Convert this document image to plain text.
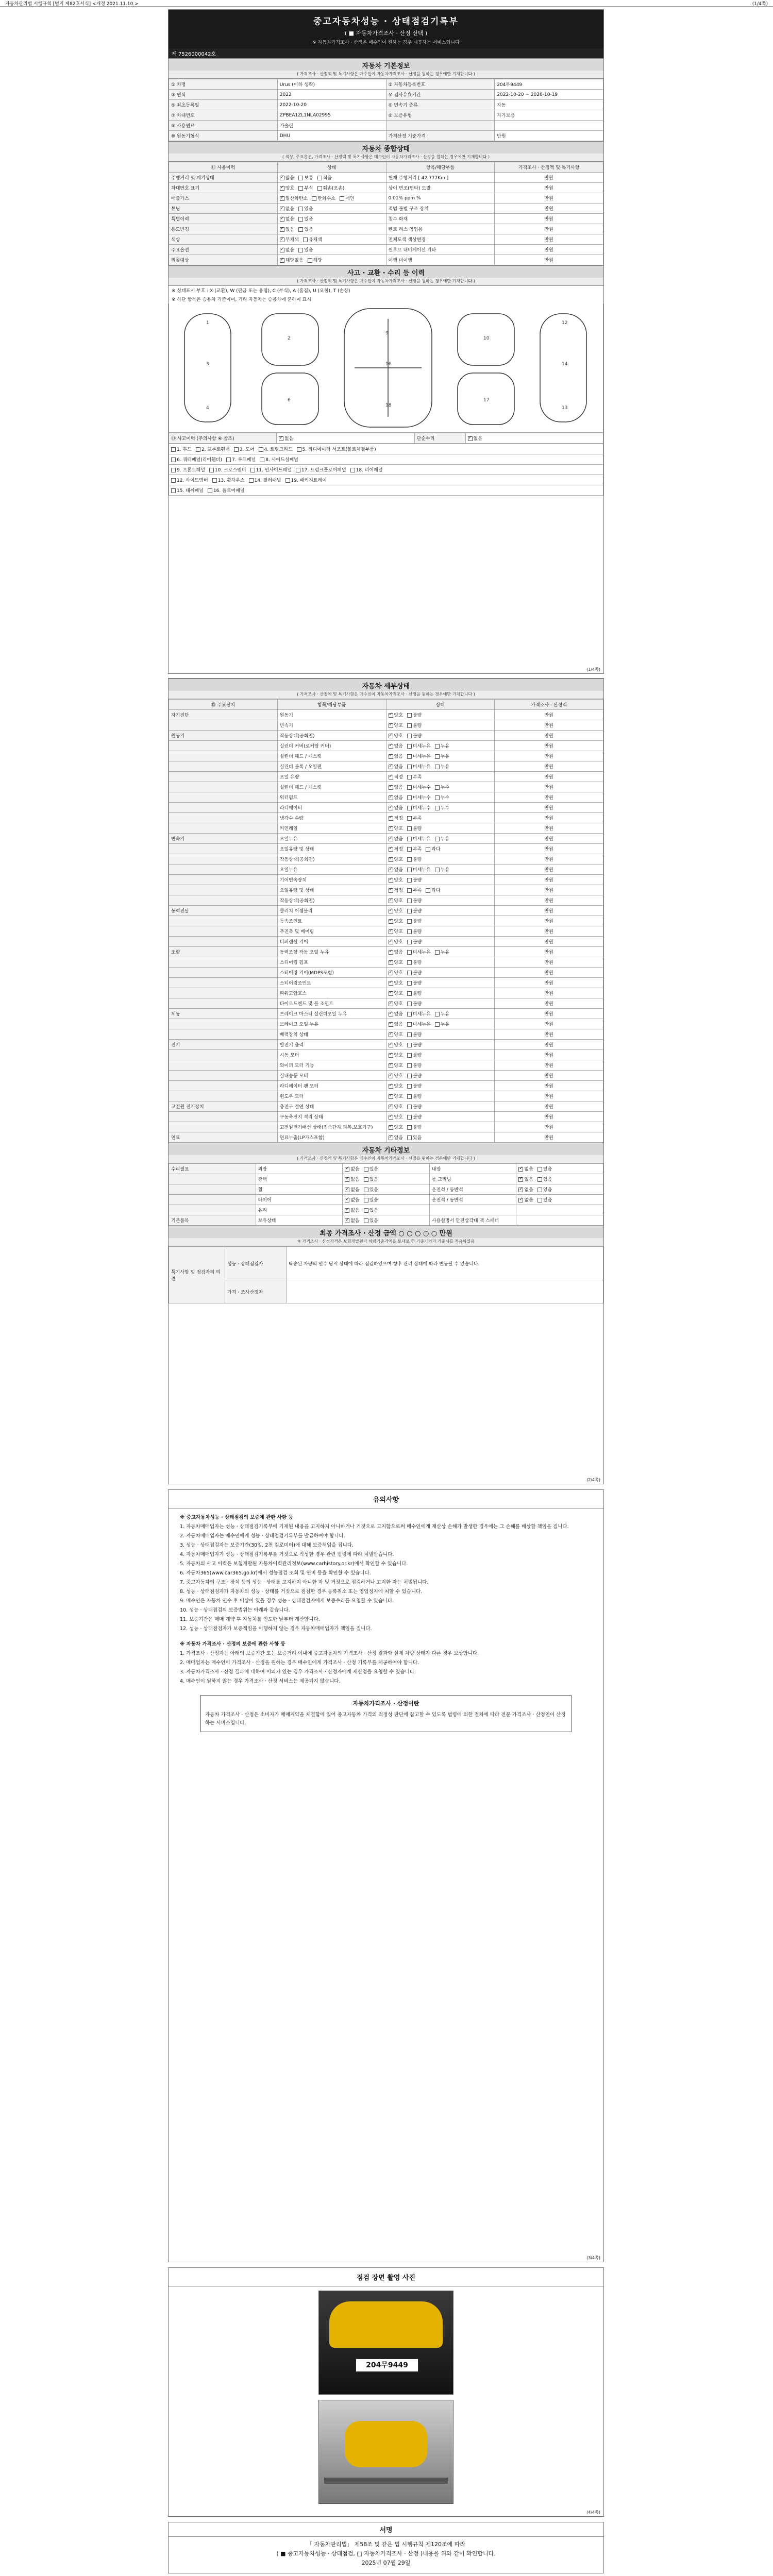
자동차관리법 시행규칙 [별지 제82호서식] <개정 2021.11.10.>	(1/4쪽)
중고자동차성능 · 상태점검기록부
( ■ 자동차가격조사 · 산정 선택 )
※ 자동차가격조사 · 산정은 매수인이 원하는 경우 제공하는 서비스입니다
제 7526000042호
자동차 기본정보
( 가격조사 · 산정액 및 특기사항은 매수인이 자동차가격조사 · 산정을 원하는 경우에만 기재합니다 )
① 차명	Urus (이하 생략)	② 자동차등록번호	204무9449
③ 연식	2022	④ 검사유효기간	2022-10-20 ~ 2026-10-19
⑤ 최초등록일	2022-10-20	⑥ 변속기 종류	자동
⑦ 차대번호	ZPBEA1ZL1NLA02995	⑧ 보증유형	자가보증
⑨ 사용연료	가솔린		
⑩ 원동기형식	DHU	가격산정 기준가격	만원
자동차 종합상태
( 색상, 주요옵션, 가격조사 · 산정액 및 특기사항은 매수인이 자동차가격조사 · 산정을 원하는 경우에만 기재합니다 )
⑪ 사용이력	상태	항목/해당부품	가격조사 · 산정액 및 특기사항
주행거리 및 계기상태	✓많음 보통 적음	현재 주행거리 [ 42,777Km ]	만원
차대번호 표기	✓양호 부식 훼손(오손)	상이 변조(변타) 도말	만원
배출가스	✓일산화탄소 탄화수소 매연	0.01% ppm %	만원
튜닝	✓없음 있음	적법 불법 구조 장치	만원
특별이력	✓없음 있음	침수 화재	만원
용도변경	✓없음 있음	렌트 리스 영업용	만원
색상	✓무채색 유채색	전체도색 색상변경	만원
주요옵션	✓없음 있음	썬루프 내비게이션 기타	만원
리콜대상	✓해당없음 해당	이행 미이행	만원
사고 · 교환 · 수리 등 이력
( 가격조사 · 산정액 및 특기사항은 매수인이 자동차가격조사 · 산정을 원하는 경우에만 기재합니다 )
※ 상태표시 부호 : X (교환), W (판금 또는 용접), C (부식), A (흠집), U (요철), T (손상)
※ 하단 항목은 승용차 기준이며, 기타 자동차는 승용차에 준하여 표시
1
3
4
2
6
9
16
18
10
17
12
14
13
⑬ 사고이력 (주의사항 ④ 참조)	✓없음	단순수리	✓없음
1. 후드 2. 프론트휀더 3. 도어 4. 트렁크리드 5. 라디에이터 서포트(볼트체결부품)
6. 쿼터패널(리어휀더) 7. 루프패널 8. 사이드실패널
9. 프론트패널 10. 크로스멤버 11. 인사이드패널 17. 트렁크플로어패널 18. 리어패널
12. 사이드멤버 13. 휠하우스 14. 필러패널 19. 패키지트레이
15. 대쉬패널 16. 플로어패널
(1/4쪽)
자동차 세부상태
( 가격조사 · 산정액 및 특기사항은 매수인이 자동차가격조사 · 산정을 원하는 경우에만 기재합니다 )
⑮ 주요장치	항목/해당부품	상태	가격조사 · 산정액
자기진단	원동기	✓양호 불량	만원
	변속기	✓양호 불량	만원
원동기	작동상태(공회전)	✓양호 불량	만원
	실린더 커버(로커암 커버)	✓없음 미세누유 누유	만원
	실린더 헤드 / 개스킷	✓없음 미세누유 누유	만원
	실린더 블록 / 오일팬	✓없음 미세누유 누유	만원
	오일 유량	✓적정 부족	만원
	실린더 헤드 / 개스킷	✓없음 미세누수 누수	만원
	워터펌프	✓없음 미세누수 누수	만원
	라디에이터	✓없음 미세누수 누수	만원
	냉각수 수량	✓적정 부족	만원
	커먼레일	✓양호 불량	만원
변속기	오일누유	✓없음 미세누유 누유	만원
	오일유량 및 상태	✓적정 부족 과다	만원
	작동상태(공회전)	✓양호 불량	만원
	오일누유	✓없음 미세누유 누유	만원
	기어변속장치	✓양호 불량	만원
	오일유량 및 상태	✓적정 부족 과다	만원
	작동상태(공회전)	✓양호 불량	만원
동력전달	클러치 어셈블리	✓양호 불량	만원
	등속조인트	✓양호 불량	만원
	추진축 및 베어링	✓양호 불량	만원
	디퍼렌셜 기어	✓양호 불량	만원
조향	동력조향 작동 오일 누유	✓없음 미세누유 누유	만원
	스티어링 펌프	✓양호 불량	만원
	스티어링 기어(MDPS포함)	✓양호 불량	만원
	스티어링조인트	✓양호 불량	만원
	파워고압호스	✓양호 불량	만원
	타이로드엔드 및 볼 조인트	✓양호 불량	만원
제동	브레이크 마스터 실린더오일 누유	✓없음 미세누유 누유	만원
	브레이크 오일 누유	✓없음 미세누유 누유	만원
	배력장치 상태	✓양호 불량	만원
전기	발전기 출력	✓양호 불량	만원
	시동 모터	✓양호 불량	만원
	와이퍼 모터 기능	✓양호 불량	만원
	실내송풍 모터	✓양호 불량	만원
	라디에이터 팬 모터	✓양호 불량	만원
	윈도우 모터	✓양호 불량	만원
고전원 전기장치	충전구 절연 상태	✓양호 불량	만원
	구동축전지 격리 상태	✓양호 불량	만원
	고전원전기배선 상태(접속단자,피복,보호기구)	✓양호 불량	만원
연료	연료누출(LP가스포함)	✓없음 있음	만원
자동차 기타정보
( 가격조사 · 산정액 및 특기사항은 매수인이 자동차가격조사 · 산정을 원하는 경우에만 기재합니다 )
수리필요	외장	✓없음 있음	내장	✓없음 있음
	광택	✓없음 있음	룸 크리닝	✓없음 있음
	휠	✓없음 있음	운전석 / 동반석	✓없음 있음
	타이어	✓없음 있음	운전석 / 동반석	✓없음 있음
	유리	✓없음 있음		
기본품목	보유상태	✓없음 있음	사용설명서 안전삼각대 잭 스패너	
최종 가격조사 · 산정 금액 ○ ○ ○ ○ ○ 만원
※ 가격조사 · 산정가격은 보험개발원의 차량기준가액을 토대로 한 기준가격과 기준서를 적용하였음
특기사항 및 점검자의 의견	성능 · 상태점검자	탁송된 차량의 인수 당시 상태에 따라 점검하였으며 향후 관리 상태에 따라 변동될 수 있습니다.
	가격 · 조사산정자	
(2/4쪽)
유의사항

※ 중고자동차성능 · 상태점검의 보증에 관한 사항 등

1. 자동차매매업자는 성능 · 상태점검기록부에 기재된 내용을 고지하지 아니하거나 거짓으로 고지함으로써 매수인에게 재산상 손해가 발생한 경우에는 그 손해를 배상할 책임을 집니다.

2. 자동차매매업자는 매수인에게 성능 · 상태점검기록부를 발급하여야 합니다.

3. 성능 · 상태점검자는 보증기간(30일, 2천 킬로미터)에 대해 보증책임을 집니다.

4. 자동차매매업자가 성능 · 상태점검기록부를 거짓으로 작성한 경우 관련 법령에 따라 처벌받습니다.

5. 자동차의 사고 이력은 보험개발원 자동차이력관리정보(www.carhistory.or.kr)에서 확인할 수 있습니다.

6. 자동차365(www.car365.go.kr)에서 성능점검 조회 및 연비 등을 확인할 수 있습니다.

7. 중고자동차의 구조 · 장치 등의 성능 · 상태를 고지하지 아니한 자 및 거짓으로 점검하거나 고지한 자는 처벌됩니다.

8. 성능 · 상태점검자가 자동차의 성능 · 상태를 거짓으로 점검한 경우 등록취소 또는 영업정지에 처할 수 있습니다.

9. 매수인은 자동차 인수 후 이상이 있을 경우 성능 · 상태점검자에게 보증수리를 요청할 수 있습니다.

10. 성능 · 상태점검의 보증범위는 아래와 같습니다.

11. 보증기간은 매매 계약 후 자동차를 인도한 날부터 계산합니다.

12. 성능 · 상태점검자가 보증책임을 이행하지 않는 경우 자동차매매업자가 책임을 집니다.

※ 자동차 가격조사 · 산정의 보증에 관한 사항 등

1. 가격조사 · 산정자는 아래의 보증기간 또는 보증거리 이내에 중고자동차의 가격조사 · 산정 결과와 실제 차량 상태가 다른 경우 보상합니다.

2. 매매업자는 매수인이 가격조사 · 산정을 원하는 경우 매수인에게 가격조사 · 산정 기록부를 제공하여야 합니다.

3. 자동차가격조사 · 산정 결과에 대하여 이의가 있는 경우 가격조사 · 산정자에게 재산정을 요청할 수 있습니다.

4. 매수인이 원하지 않는 경우 가격조사 · 산정 서비스는 제공되지 않습니다.

자동차가격조사 · 산정이란
자동차 가격조사 · 산정은 소비자가 매매계약을 체결함에 있어 중고자동차 가격의 적정성 판단에 참고할 수 있도록 법령에 의한 절차에 따라 전문 가격조사 · 산정인이 산정하는 서비스입니다.
(3/4쪽)
점검 장면 촬영 사진
204무9449
(4/4쪽)
서명
「 자동차관리법」 제58조 및 같은 법 시행규칙 제120조에 따라
( ■ 중고자동차성능 · 상태점검, □ 자동차가격조사 · 산정 )내용을 위와 같이 확인합니다.
2025년 07월 29일
